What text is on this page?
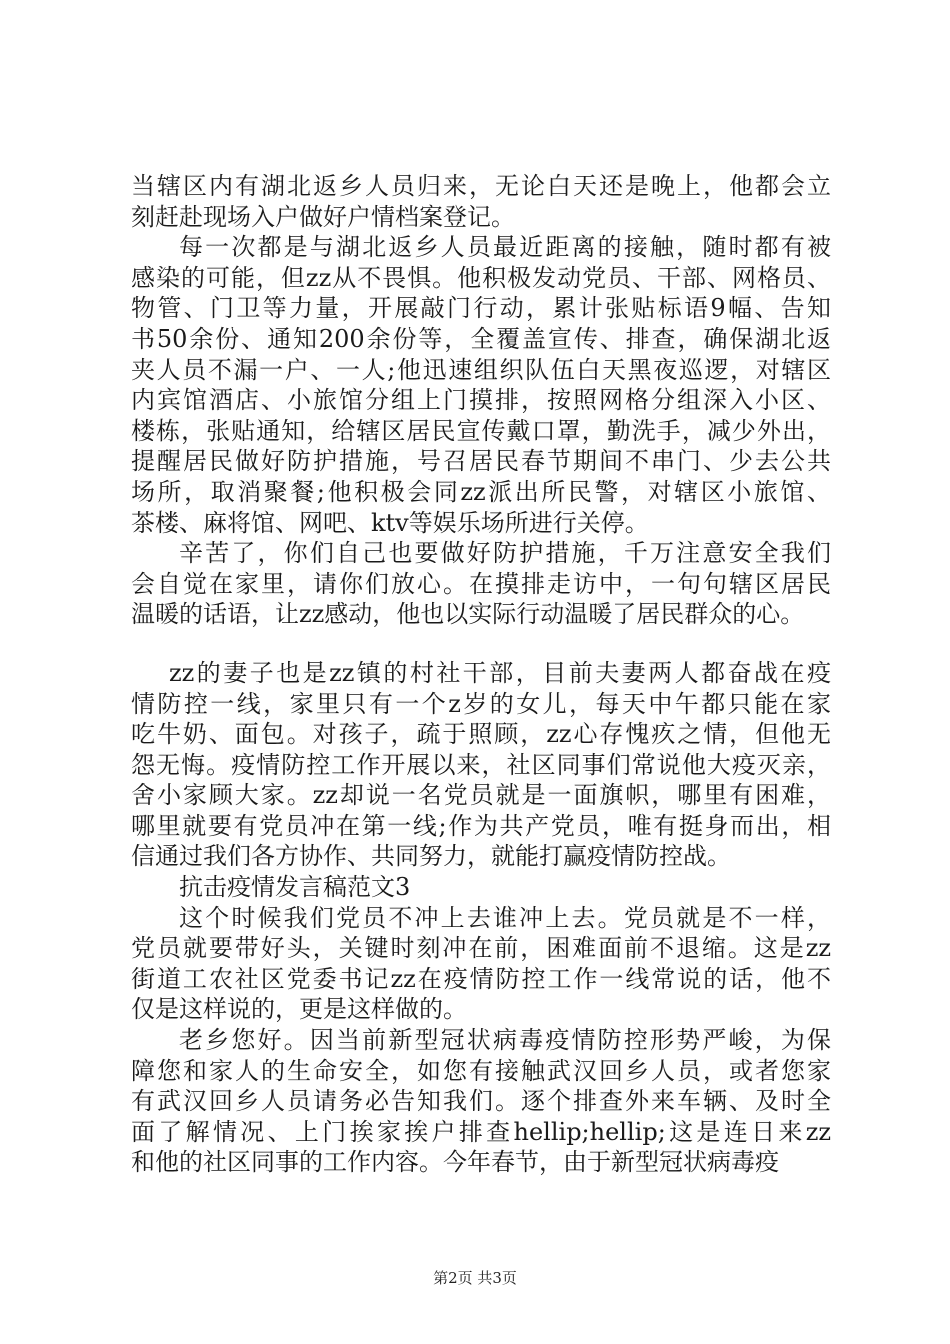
当辖区内有湖北返乡人员归来，无论白天还是晚上，他都会立
刻赶赴现场入户做好户情档案登记。
每一次都是与湖北返乡人员最近距离的接触，随时都有被
感染的可能，但zz从不畏惧。他积极发动党员、干部、网格员、
物管、门卫等力量，开展敲门行动，累计张贴标语9幅、告知
书50余份、通知200余份等，全覆盖宣传、排查，确保湖北返
夹人员不漏一户、一人;他迅速组织队伍白天黑夜巡逻，对辖区
内宾馆酒店、小旅馆分组上门摸排，按照网格分组深入小区、
楼栋，张贴通知，给辖区居民宣传戴口罩，勤洗手，减少外出，
提醒居民做好防护措施，号召居民春节期间不串门、少去公共
场所，取消聚餐;他积极会同zz派出所民警，对辖区小旅馆、
茶楼、麻将馆、网吧、ktv等娱乐场所进行关停。
辛苦了，你们自己也要做好防护措施，千万注意安全我们
会自觉在家里，请你们放心。在摸排走访中，一句句辖区居民
温暖的话语，让zz感动，他也以实际行动温暖了居民群众的心。
zz的妻子也是zz镇的村社干部，目前夫妻两人都奋战在疫
情防控一线，家里只有一个z岁的女儿，每天中午都只能在家
吃牛奶、面包。对孩子，疏于照顾，zz心存愧疚之情，但他无
怨无悔。疫情防控工作开展以来，社区同事们常说他大疫灭亲，
舍小家顾大家。zz却说一名党员就是一面旗帜，哪里有困难，
哪里就要有党员冲在第一线;作为共产党员，唯有挺身而出，相
信通过我们各方协作、共同努力，就能打赢疫情防控战。
抗击疫情发言稿范文3
这个时候我们党员不冲上去谁冲上去。党员就是不一样，
党员就要带好头，关键时刻冲在前，困难面前不退缩。这是zz
街道工农社区党委书记zz在疫情防控工作一线常说的话，他不
仅是这样说的，更是这样做的。
老乡您好。因当前新型冠状病毒疫情防控形势严峻，为保
障您和家人的生命安全，如您有接触武汉回乡人员，或者您家
有武汉回乡人员请务必告知我们。逐个排查外来车辆、及时全
面了解情况、上门挨家挨户排查hellip;hellip;这是连日来zz
和他的社区同事的工作内容。今年春节，由于新型冠状病毒疫
第2页 共3页
